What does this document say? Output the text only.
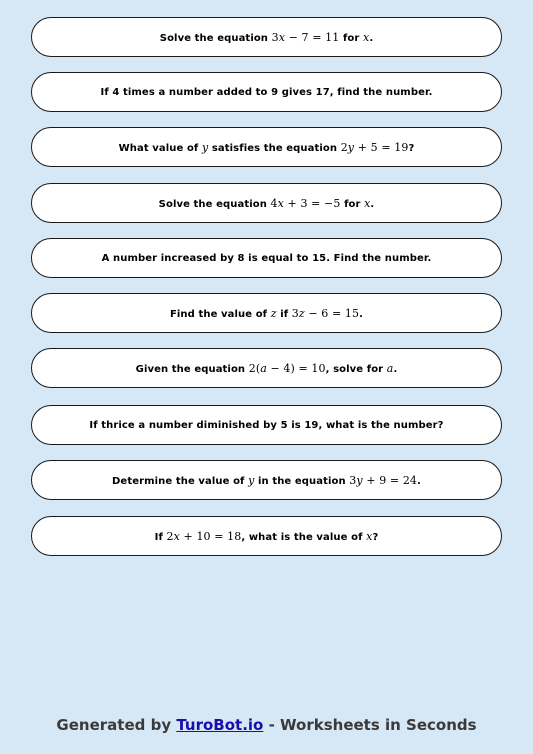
Solve the equation 3x − 7 = 11 for x.
If 4 times a number added to 9 gives 17, find the number.
What value of y satisfies the equation 2y + 5 = 19?
Solve the equation 4x + 3 = −5 for x.
A number increased by 8 is equal to 15. Find the number.
Find the value of z if 3z − 6 = 15.
Given the equation 2(a − 4) = 10, solve for a.
If thrice a number diminished by 5 is 19, what is the number?
Determine the value of y in the equation 3y + 9 = 24.
If 2x + 10 = 18, what is the value of x?
Generated by TuroBot.io - Worksheets in Seconds
